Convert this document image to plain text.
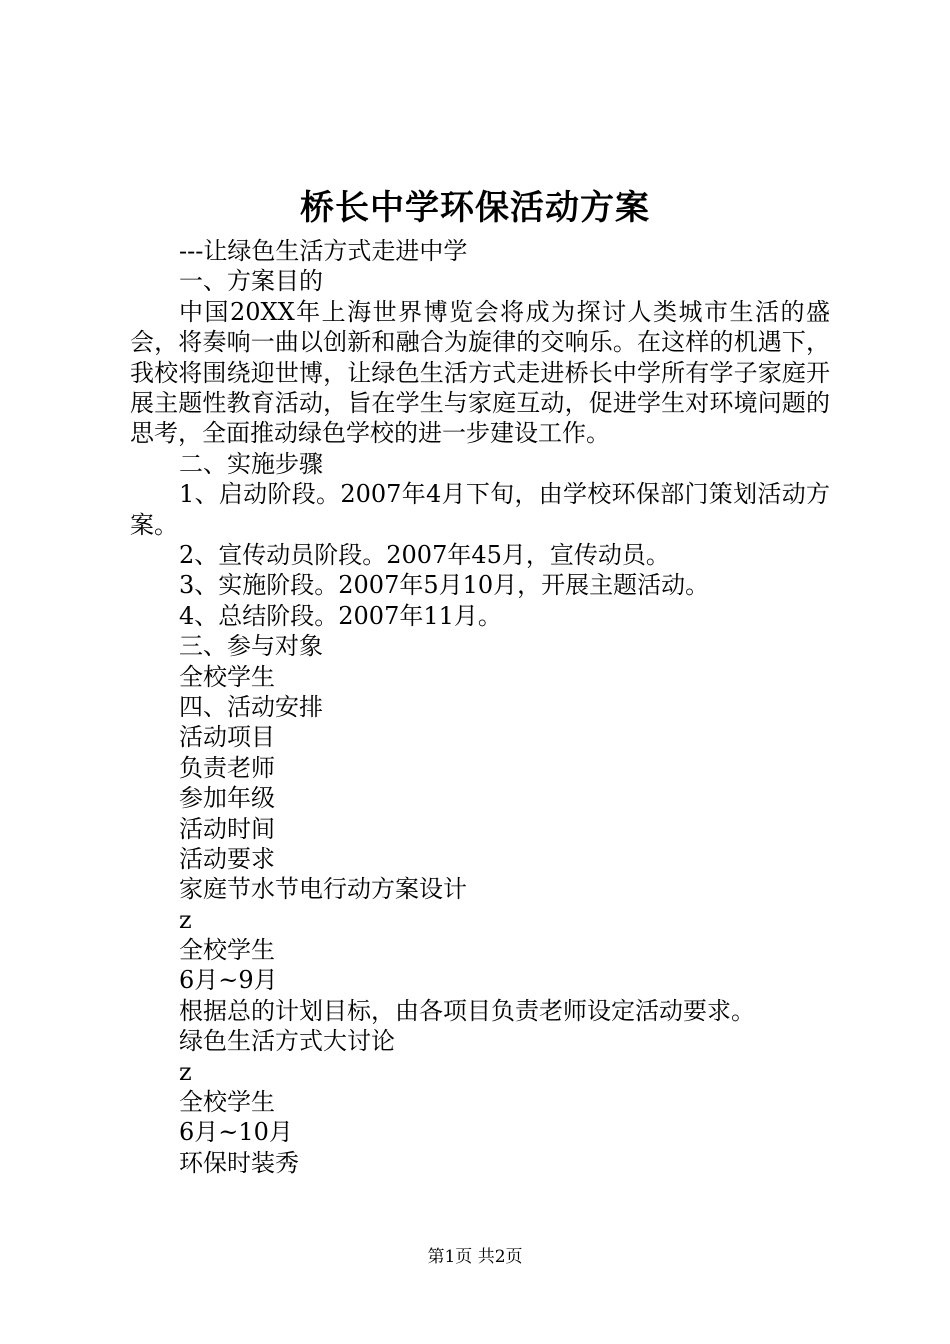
桥长中学环保活动方案
---让绿色生活方式走进中学
一、方案目的
中国20XX年上海世界博览会将成为探讨人类城市生活的盛会，将奏响一曲以创新和融合为旋律的交响乐。在这样的机遇下，我校将围绕迎世博，让绿色生活方式走进桥长中学所有学子家庭开展主题性教育活动，旨在学生与家庭互动，促进学生对环境问题的思考，全面推动绿色学校的进一步建设工作。
二、实施步骤
1、启动阶段。2007年4月下旬，由学校环保部门策划活动方案。
2、宣传动员阶段。2007年45月，宣传动员。
3、实施阶段。2007年5月10月，开展主题活动。
4、总结阶段。2007年11月。
三、参与对象
全校学生
四、活动安排
活动项目
负责老师
参加年级
活动时间
活动要求
家庭节水节电行动方案设计
z
全校学生
6月~9月
根据总的计划目标，由各项目负责老师设定活动要求。
绿色生活方式大讨论
z
全校学生
6月~10月
环保时装秀
第1页 共2页
